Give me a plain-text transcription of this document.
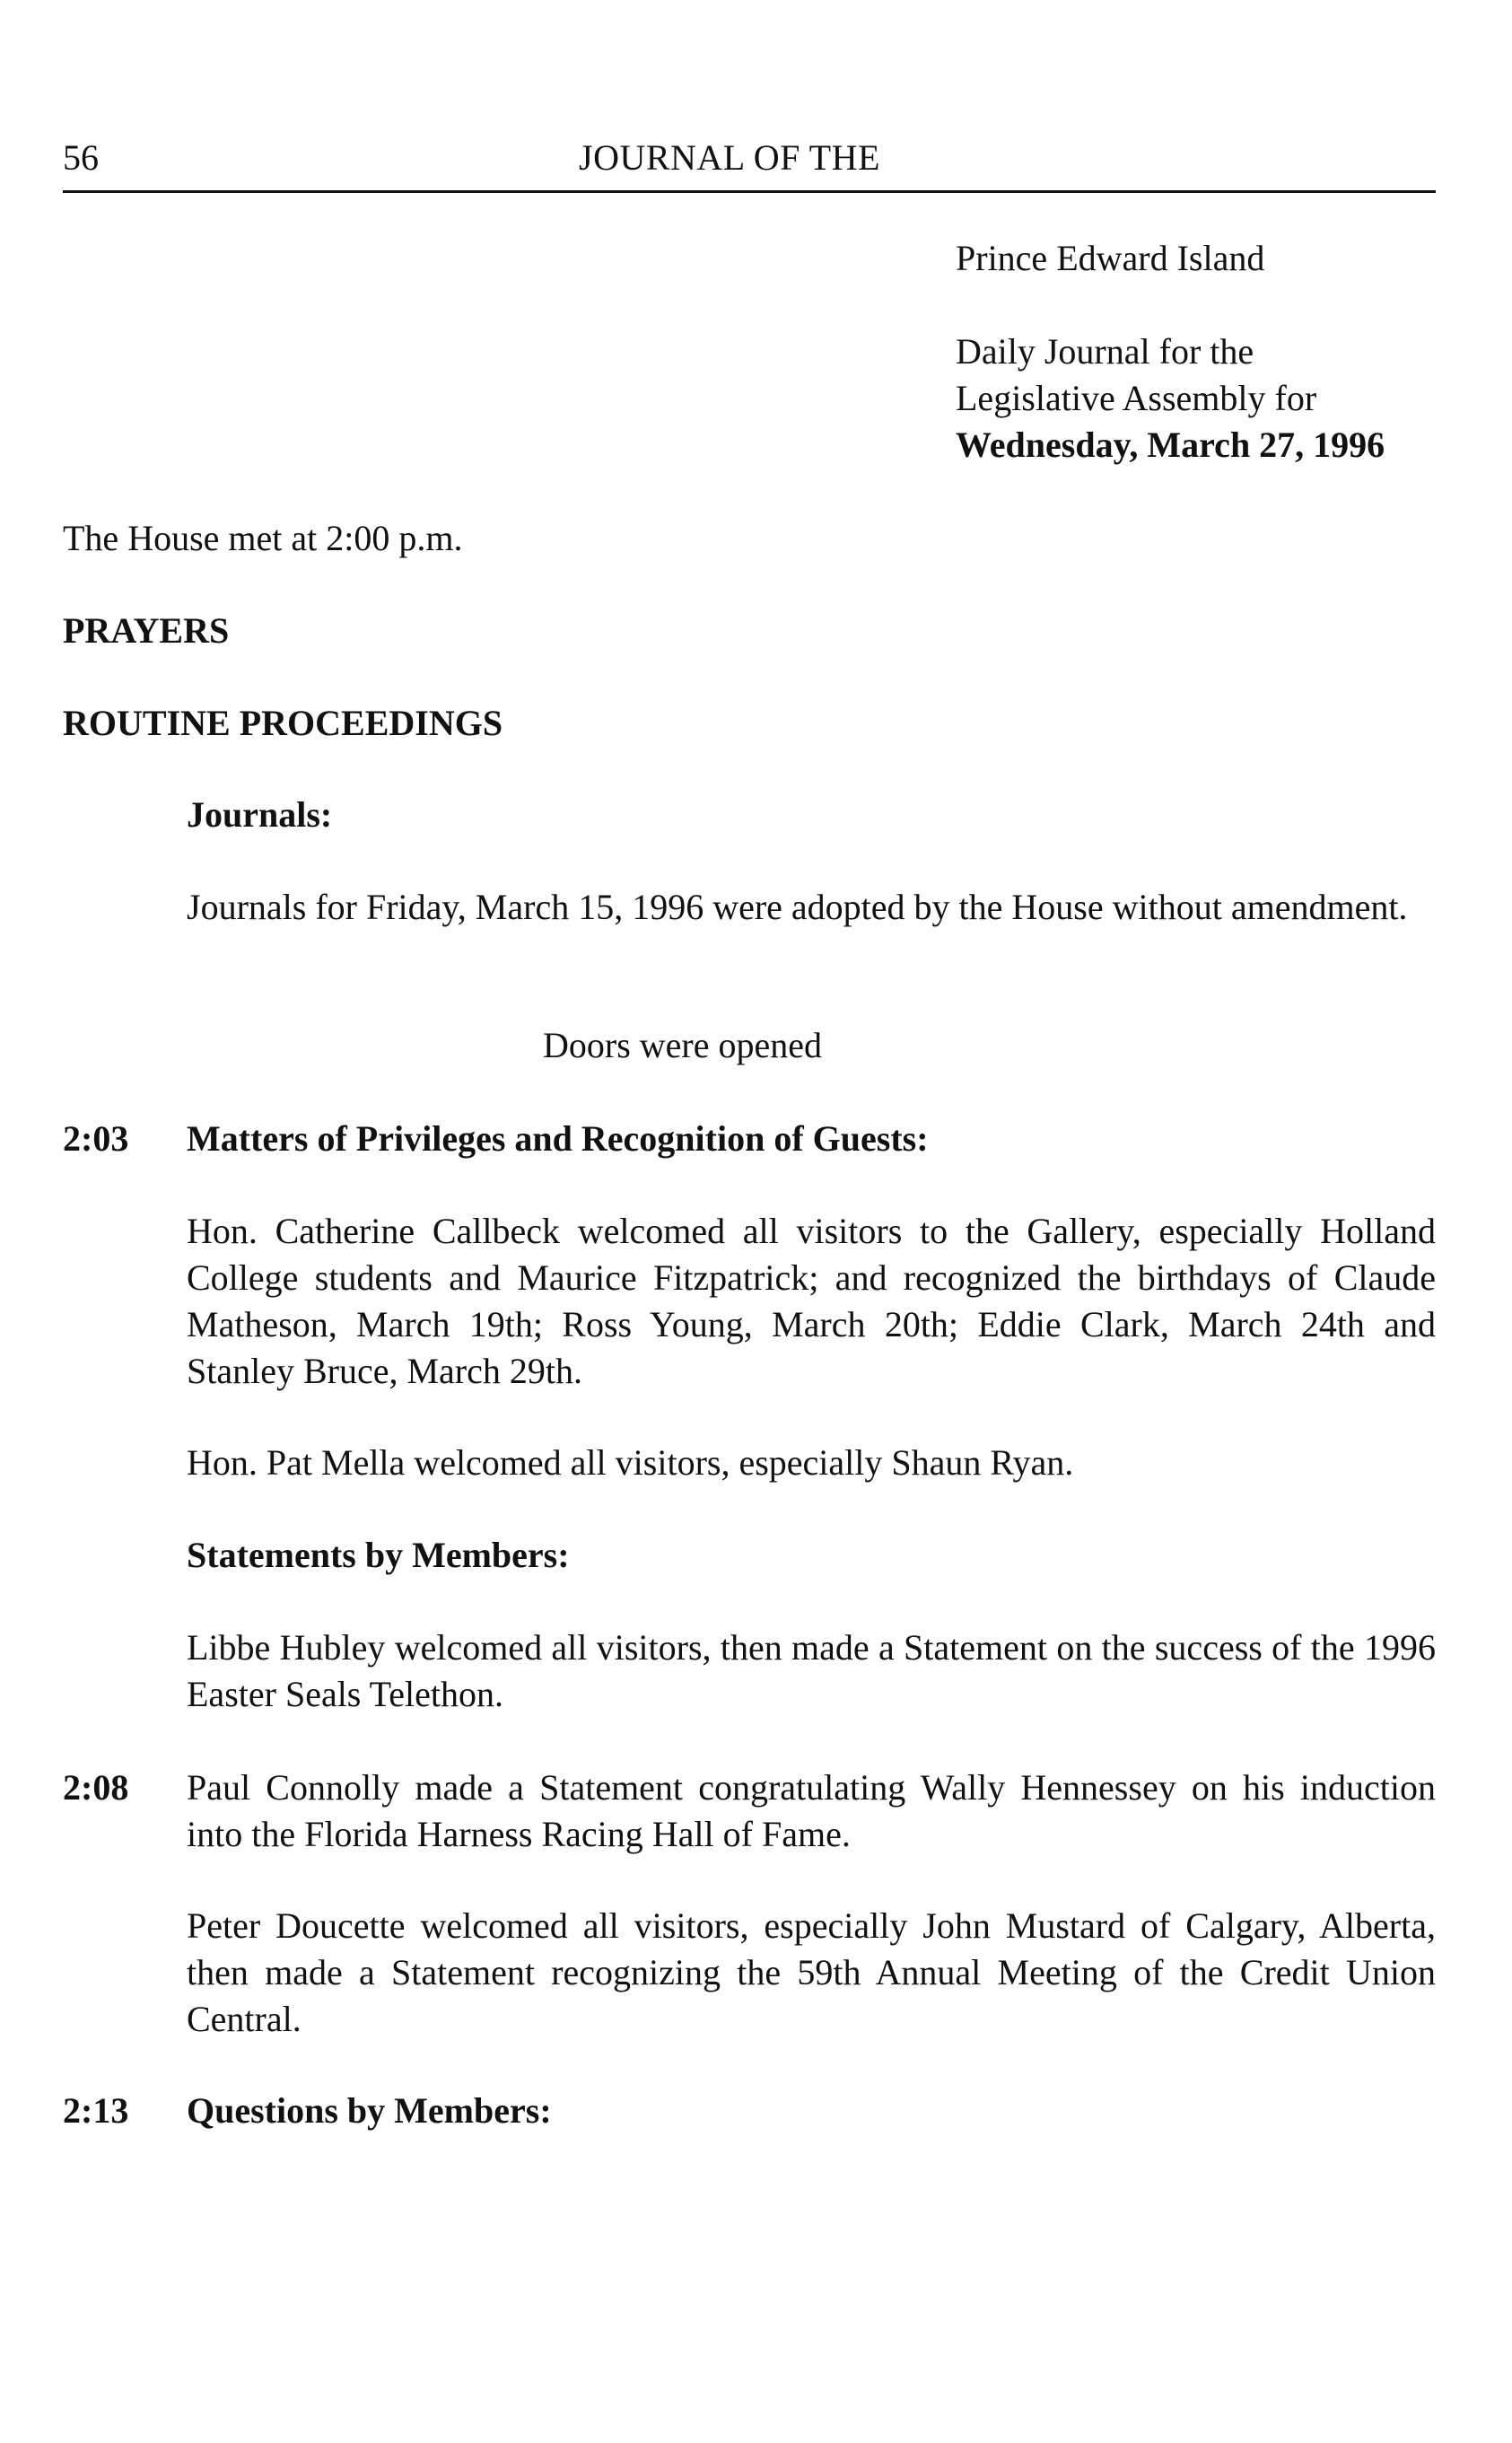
56	JOURNAL OF THE
Prince Edward Island
Daily Journal for the
Legislative Assembly for
Wednesday, March 27, 1996
The House met at 2:00 p.m.
PRAYERS
ROUTINE PROCEEDINGS
Journals:
Journals for Friday, March 15, 1996 were adopted by the House without amendment.
Doors were opened
2:03 Matters of Privileges and Recognition of Guests:
Hon. Catherine Callbeck welcomed all visitors to the Gallery, especially Holland College students and Maurice Fitzpatrick; and recognized the birthdays of Claude Matheson, March 19th; Ross Young, March 20th; Eddie Clark, March 24th and Stanley Bruce, March 29th.
Hon. Pat Mella welcomed all visitors, especially Shaun Ryan.
Statements by Members:
Libbe Hubley welcomed all visitors, then made a Statement on the success of the 1996 Easter Seals Telethon.
2:08 Paul Connolly made a Statement congratulating Wally Hennessey on his induction into the Florida Harness Racing Hall of Fame.
Peter Doucette welcomed all visitors, especially John Mustard of Calgary, Alberta, then made a Statement recognizing the 59th Annual Meeting of the Credit Union Central.
2:13 Questions by Members:
